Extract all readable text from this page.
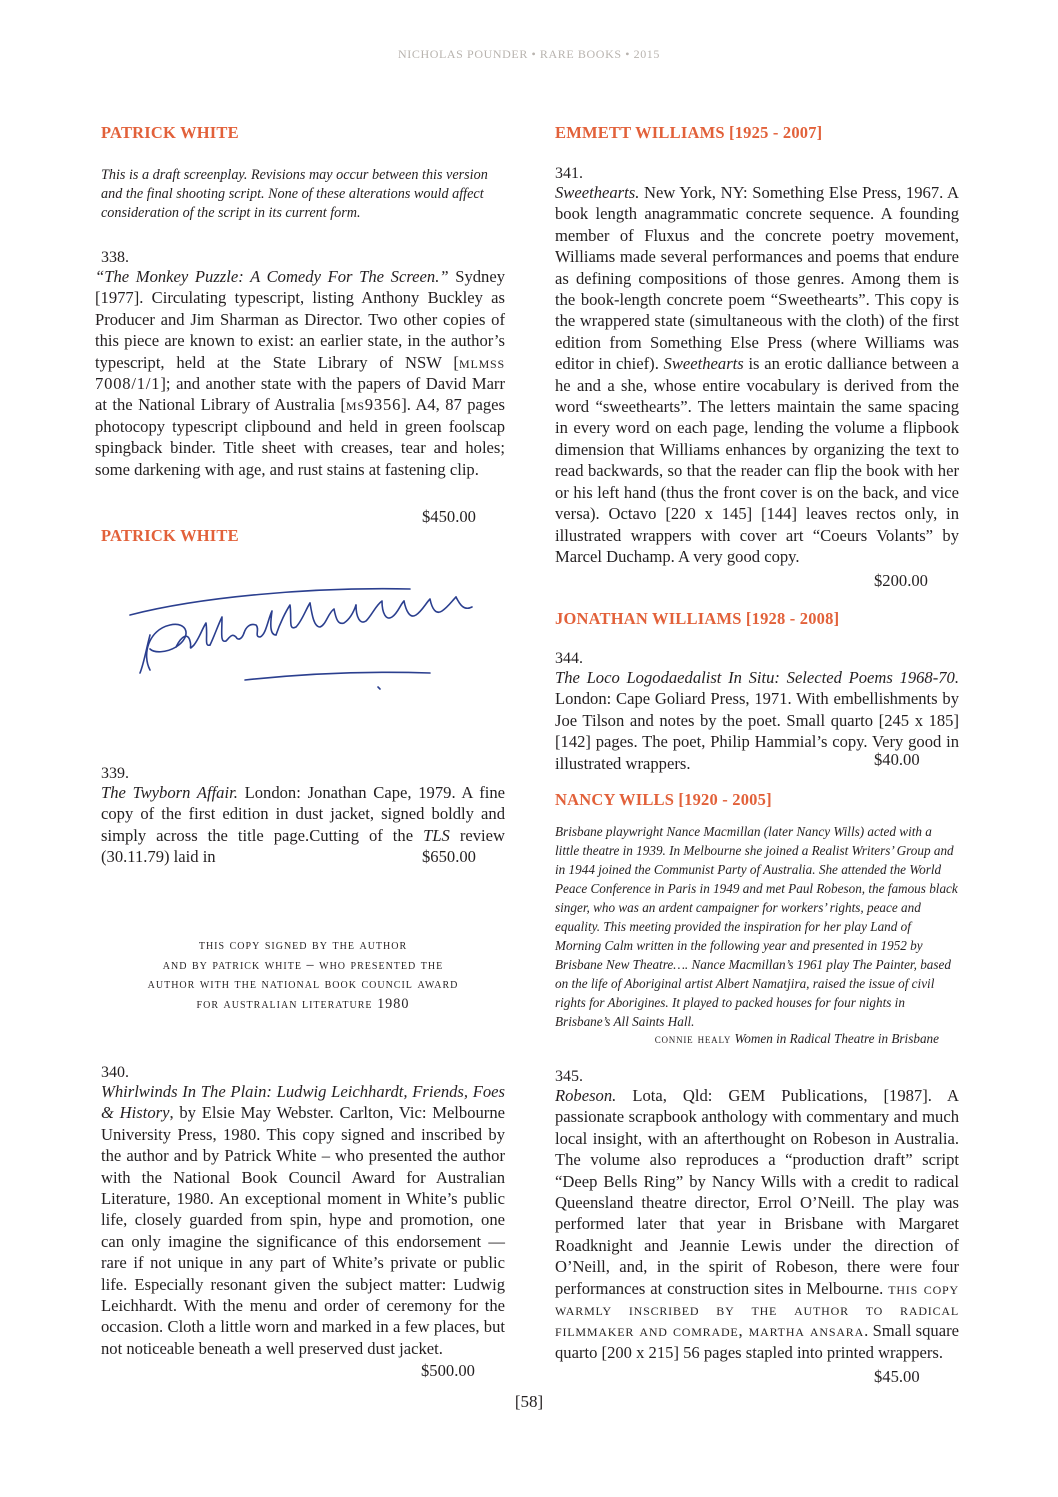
NICHOLAS POUNDER • RARE BOOKS • 2015
PATRICK WHITE

This is a draft screenplay. Revisions may occur between this version and the final shooting script. None of these alterations would affect consideration of the script in its current form.

338.

“The Monkey Puzzle: A Comedy For The Screen.” Sydney [1977]. Circulating typescript, listing Anthony Buckley as Producer and Jim Sharman as Director. Two other copies of this piece are known to exist: an earlier state, in the author’s typescript, held at the State Library of NSW [mlmss 7008/1/1]; and another state with the papers of David Marr at the National Library of Australia [ms9356]. A4, 87 pages photocopy typescript clipbound and held in green foolscap spingback binder. Title sheet with creases, tear and holes; some darkening with age, and rust stains at fastening clip.

$450.00
PATRICK WHITE

339.

The Twyborn Affair. London: Jonathan Cape, 1979. A fine copy of the first edition in dust jacket, signed boldly and simply across the title page.Cutting of the TLS review (30.11.79) laid in	$650.00

this copy signed by the author

and by patrick white – who presented the

author with the national book council award

for australian literature 1980

340.

Whirlwinds In The Plain: Ludwig Leichhardt, Friends, Foes & History, by Elsie May Webster. Carlton, Vic: Melbourne University Press, 1980. This copy signed and inscribed by the author and by Patrick White – who presented the author with the National Book Council Award for Australian Literature, 1980. An exceptional moment in White’s public life, closely guarded from spin, hype and promotion, one can only imagine the significance of this endorsement — rare if not unique in any part of White’s private or public life. Especially resonant given the subject matter: Ludwig Leichhardt. With the menu and order of ceremony for the occasion. Cloth a little worn and marked in a few places, but not noticeable beneath a well preserved dust jacket.

$500.00
EMMETT WILLIAMS [1925 - 2007]

341.

Sweethearts. New York, NY: Something Else Press, 1967. A book length anagrammatic concrete sequence. A founding member of Fluxus and the concrete poetry movement, Williams made several performances and poems that endure as defining compositions of those genres. Among them is the book-length concrete poem “Sweethearts”. This copy is the wrappered state (simultaneous with the cloth) of the first edition from Something Else Press (where Williams was editor in chief). Sweethearts is an erotic dalliance between a he and a she, whose entire vocabulary is derived from the word “sweethearts”. The letters maintain the same spacing in every word on each page, lending the volume a flipbook dimension that Williams enhances by organizing the text to read backwards, so that the reader can flip the book with her or his left hand (thus the front cover is on the back, and vice versa). Octavo [220 x 145] [144] leaves rectos only, in illustrated wrappers with cover art “Coeurs Volants” by Marcel Duchamp. A very good copy.

$200.00
JONATHAN WILLIAMS [1928 - 2008]

344.

The Loco Logodaedalist In Situ: Selected Poems 1968-70. London: Cape Goliard Press, 1971. With embellishments by Joe Tilson and notes by the poet. Small quarto [245 x 185] [142] pages. The poet, Philip Hammial’s copy. Very good in illustrated wrappers.	$40.00
NANCY WILLS [1920 - 2005]

Brisbane playwright Nance Macmillan (later Nancy Wills) acted with a little theatre in 1939. In Melbourne she joined a Realist Writers’ Group and in 1944 joined the Communist Party of Australia. She attended the World Peace Conference in Paris in 1949 and met Paul Robeson, the famous black singer, who was an ardent campaigner for workers’ rights, peace and equality. This meeting provided the inspiration for her play Land of Morning Calm written in the following year and presented in 1952 by Brisbane New Theatre…. Nance Macmillan’s 1961 play The Painter, based on the life of Aboriginal artist Albert Namatjira, raised the issue of civil rights for Aborigines. It played to packed houses for four nights in Brisbane’s All Saints Hall.

connie healy Women in Radical Theatre in Brisbane

345.

Robeson. Lota, Qld: GEM Publications, [1987]. A passionate scrapbook anthology with commentary and much local insight, with an afterthought on Robeson in Australia. The volume also reproduces a “production draft” script “Deep Bells Ring” by Nancy Wills with a credit to radical Queensland theatre director, Errol O’Neill. The play was performed later that year in Brisbane with Margaret Roadknight and Jeannie Lewis under the direction of O’Neill, and, in the spirit of Robeson, there were four performances at construction sites in Melbourne. this copy warmly inscribed by the author to radical filmmaker and comrade, martha ansara. Small square quarto [200 x 215] 56 pages stapled into printed wrappers.

$45.00
[58]
